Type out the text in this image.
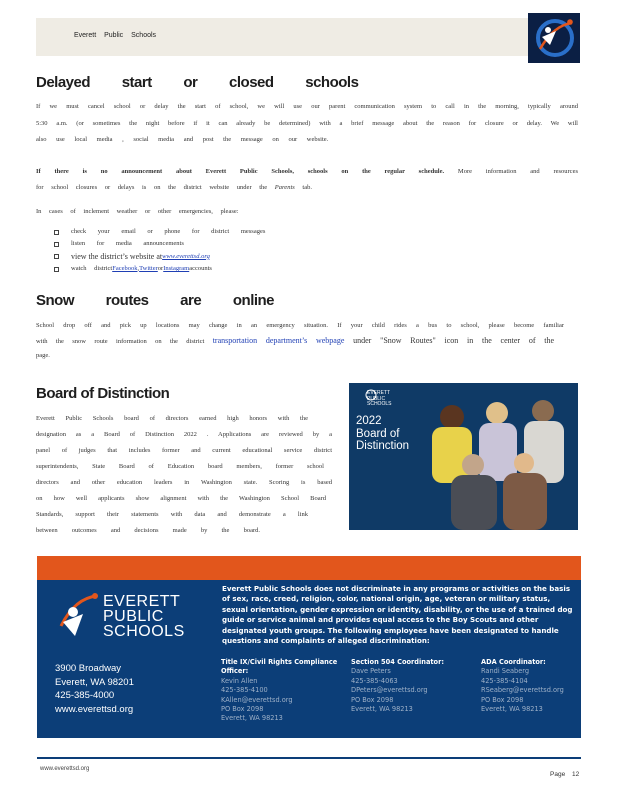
Everett Public Schools
Delayed start or closed schools
If we must cancel school or delay the start of school, we will use our parent communication system to call in the morning, typically around
5:30 a.m. (or sometimes the night before if it can already be determined) with a brief message about the reason for closure or delay. We will
also use local media , social media and post the message on our website.
If there is no announcement about Everett Public Schools, schools on the regular schedule. More information and resources
for school closures or delays is on the district website under the Parents tab.
In cases of inclement weather or other emergencies, please:
check your email or phone for district messages
listen for media announcements
view the district’s website at www.everettsd.org
watch district Facebook , Twitter or Instagram accounts
Snow routes are online
School drop off and pick up locations may change in an emergency situation. If your child rides a bus to school, please become familiar
with the snow route information on the district transportation department’s webpage under "Snow Routes" icon in the center of the
page.
Board of Distinction
Everett Public Schools board of directors earned high honors with the
designation as a Board of Distinction 2022 . Applications are reviewed by a
panel of judges that includes former and current educational service district
superintendents, State Board of Education board members, former school
directors and other education leaders in Washington state. Scoring is based
on how well applicants show alignment with the Washington School Board
Standards, support their statements with data and demonstrate a link
between outcomes and decisions made by the board.
EVERETT
PUBLIC
SCHOOLS
2022
Board of
Distinction
EVERETT
PUBLIC
SCHOOLS
3900 Broadway
Everett, WA 98201
425-385-4000
www.everettsd.org
Everett Public Schools does not discriminate in any programs or activities on the basis of sex, race, creed, religion, color, national origin, age, veteran or military status, sexual orientation, gender expression or identity, disability, or the use of a trained dog guide or service animal and provides equal access to the Boy Scouts and other designated youth groups. The following employees have been designated to handle questions and complaints of alleged discrimination:
Title IX/Civil Rights Compliance Officer:
Kevin Allen
425-385-4100
KAllen@everettsd.org
PO Box 2098
Everett, WA 98213
Section 504 Coordinator:
Dave Peters
425-385-4063
DPeters@everettsd.org
PO Box 2098
Everett, WA 98213
ADA Coordinator:
Randi Seaberg
425-385-4104
RSeaberg@everettsd.org
PO Box 2098
Everett, WA 98213
www.everettsd.org
Page 12
